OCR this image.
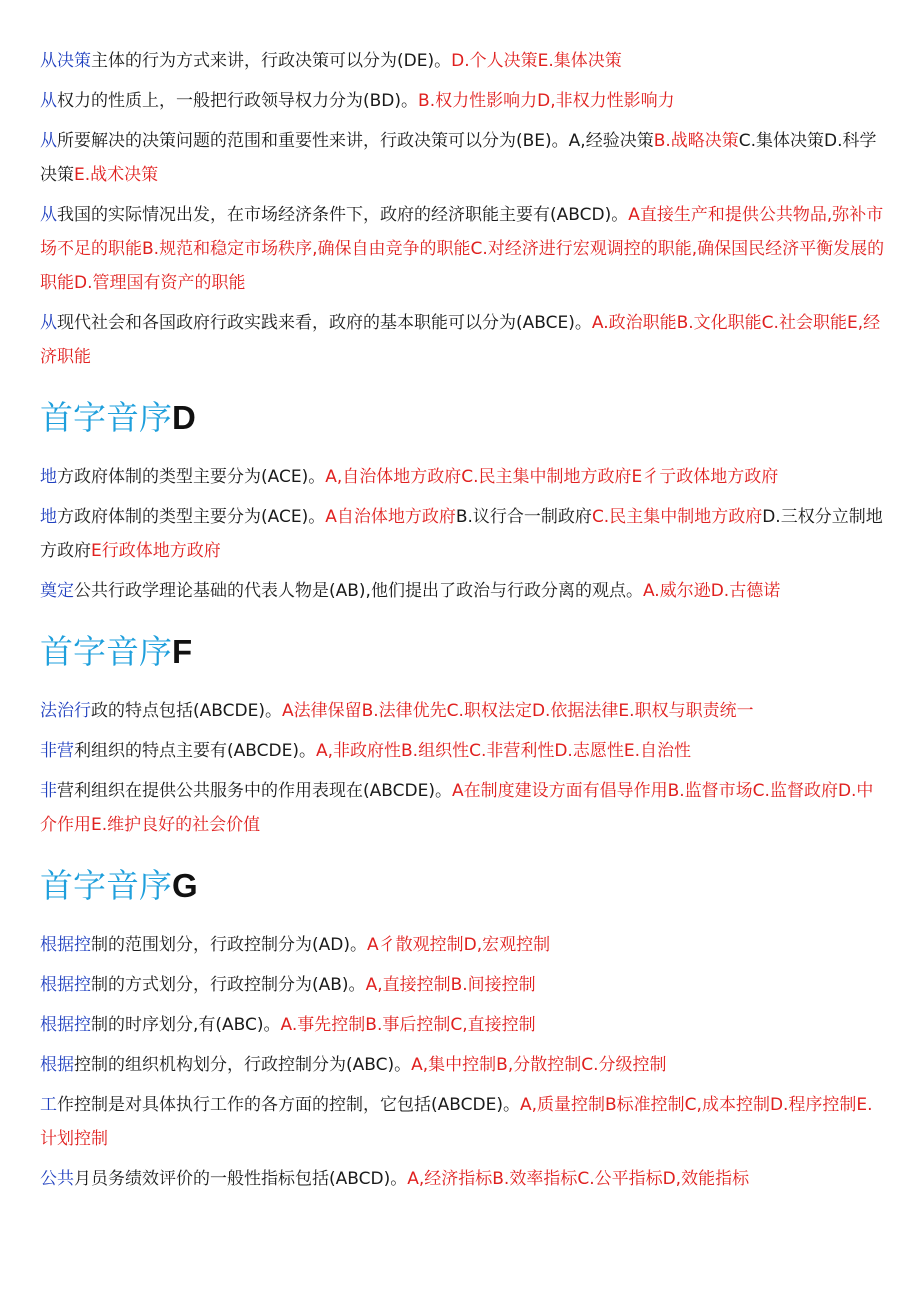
从决策主体的行为方式来讲，行政决策可以分为(DE)。D.个人决策E.集体决策
从权力的性质上，一般把行政领导权力分为(BD)。B.权力性影响力D,非权力性影响力
从所要解决的决策问题的范围和重要性来讲，行政决策可以分为(BE)。A,经验决策B.战略决策C.集体决策D.科学决策E.战术决策
从我国的实际情况出发，在市场经济条件下，政府的经济职能主要有(ABCD)。A直接生产和提供公共物品,弥补市场不足的职能B.规范和稳定市场秩序,确保自由竞争的职能C.对经济进行宏观调控的职能,确保国民经济平衡发展的职能D.管理国有资产的职能
从现代社会和各国政府行政实践来看，政府的基本职能可以分为(ABCE)。A.政治职能B.文化职能C.社会职能E,经济职能
首字音序D
地方政府体制的类型主要分为(ACE)。A,自治体地方政府C.民主集中制地方政府E彳亍政体地方政府
地方政府体制的类型主要分为(ACE)。A自治体地方政府B.议行合一制政府C.民主集中制地方政府D.三权分立制地方政府E行政体地方政府
奠定公共行政学理论基础的代表人物是(AB),他们提出了政治与行政分离的观点。A.威尔逊D.古德诺
首字音序F
法治行政的特点包括(ABCDE)。A法律保留B.法律优先C.职权法定D.依据法律E.职权与职责统一
非营利组织的特点主要有(ABCDE)。A,非政府性B.组织性C.非营利性D.志愿性E.自治性
非营利组织在提供公共服务中的作用表现在(ABCDE)。A在制度建设方面有倡导作用B.监督市场C.监督政府D.中介作用E.维护良好的社会价值
首字音序G
根据控制的范围划分，行政控制分为(AD)。A彳散观控制D,宏观控制
根据控制的方式划分，行政控制分为(AB)。A,直接控制B.间接控制
根据控制的时序划分,有(ABC)。A.事先控制B.事后控制C,直接控制
根据控制的组织机构划分，行政控制分为(ABC)。A,集中控制B,分散控制C.分级控制
工作控制是对具体执行工作的各方面的控制，它包括(ABCDE)。A,质量控制B标准控制C,成本控制D.程序控制E.计划控制
公共月员务绩效评价的一般性指标包括(ABCD)。A,经济指标B.效率指标C.公平指标D,效能指标
